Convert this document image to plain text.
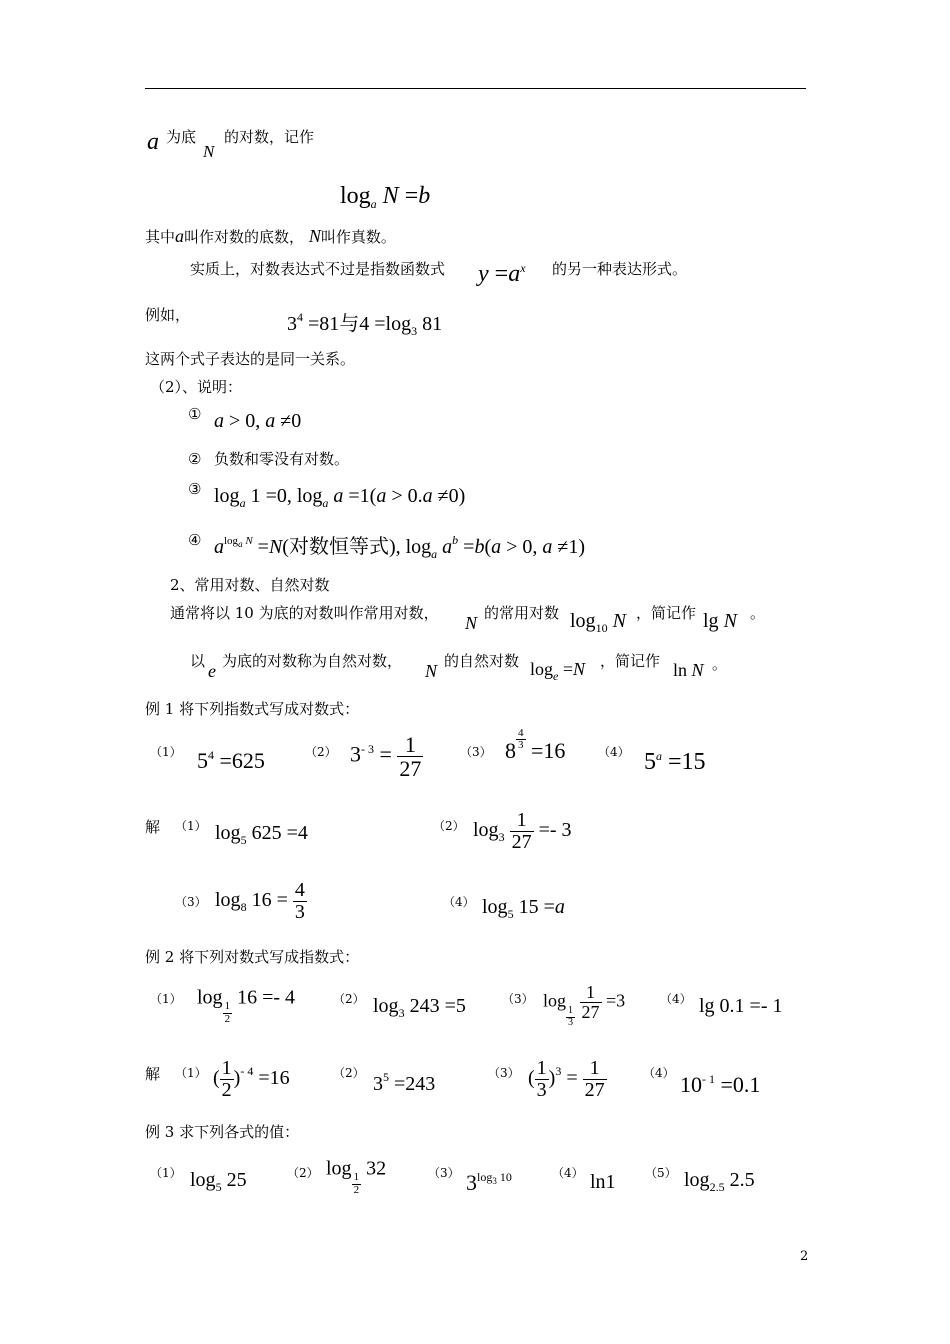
a 为底
N
的对数，记作
$\log_a N =b$
其中a叫作对数的底数， N叫作真数。
实质上，对数表达式不过是指数函数式 $y =a^x$ 的另一种表达形式。
例如，	$3^4 =81$与$4 =\log_3$ 81
这两个式子表达的是同一关系。
（2）、说明：
① a > 0, a ≠0
② 负数和零没有对数。
③ $\log_a 1 =0$, $\log_a a =1(a > 0.a \ne 0)$
④ $a^{log_a N} =N$(对数恒等式), $\log_a a^b =b(a > 0$, a ≠1)
2、常用对数、自然对数
通常将以 10 为底的对数叫作常用对数， N 的常用对数 $\log_{10} N$ ，简记作 lg N 。
以 e 为底的对数称为自然对数， N 的自然对数 $\log_e =N$ ，简记作 ln N 。
例 1 将下列指数式写成对数式：
（1） $5^4 =625$	（2） $3^{- 3} = \frac{1}{27}$	（3） $8 \frac{4}{3} =16$	（4） $5^a =15$
解 （1） $\log_5 625 =4$	（2） $\log_3 \frac{1}{27} =- 3$
（3） $\log_8 16 = \frac{4}{3}$	（4） $\log_5 15 =a$
例 2 将下列对数式写成指数式：
（1） log
$\frac{1}{2}$
16 =- 4	（2） $\log_3 243 =5$	（3） log
$\frac{1}{3}$
$\frac{1}{27} =3$	（4） lg 0.1 =- 1
解 （1） ( $\frac{1}{2} )^{- 4} =16$	（2） $3^5 =243$	（3） ( $\frac{1}{3} )^3 = \frac{1}{27}$	（4） $10^{- 1} =0.1$
例 3 求下列各式的值：
（1） $\log_5 25$	（2） log
$\frac{1}{2}$
32	（3） $3^{log_3 10}$	（4） ln1 （5） $\log_{2.5} 2.5$
2
